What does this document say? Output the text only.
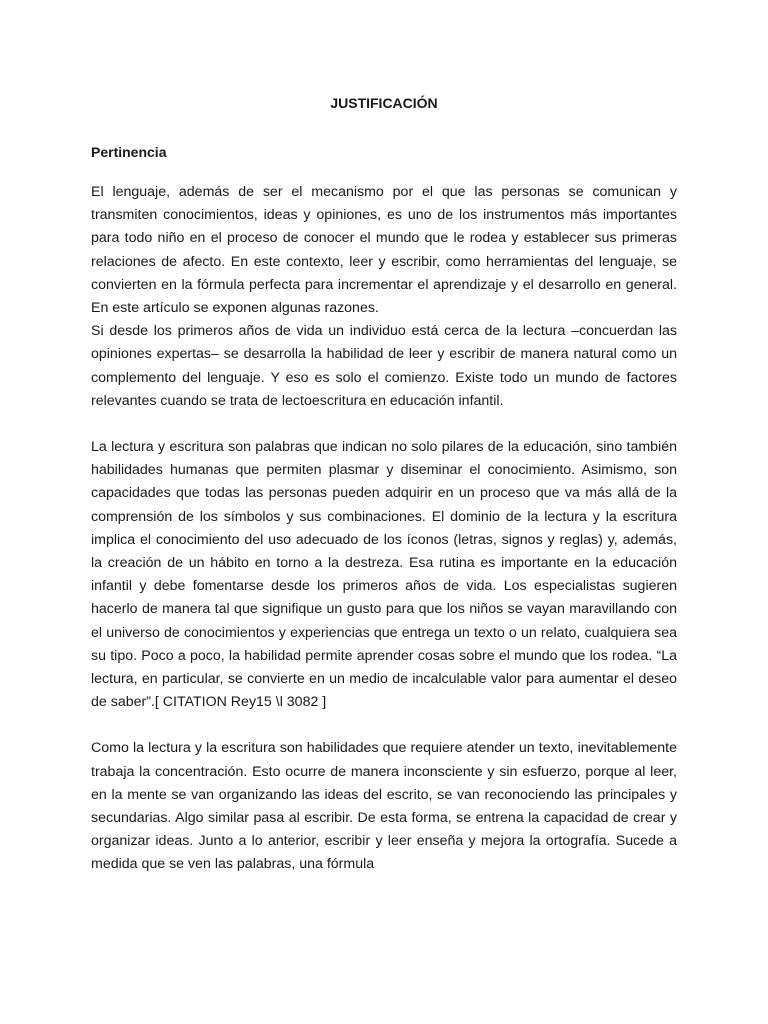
JUSTIFICACIÓN
Pertinencia

El lenguaje, además de ser el mecanismo por el que las personas se comunican y transmiten conocimientos, ideas y opiniones, es uno de los instrumentos más importantes para todo niño en el proceso de conocer el mundo que le rodea y establecer sus primeras relaciones de afecto. En este contexto, leer y escribir, como herramientas del lenguaje, se convierten en la fórmula perfecta para incrementar el aprendizaje y el desarrollo en general. En este artículo se exponen algunas razones.

Si desde los primeros años de vida un individuo está cerca de la lectura –concuerdan las opiniones expertas– se desarrolla la habilidad de leer y escribir de manera natural como un complemento del lenguaje. Y eso es solo el comienzo. Existe todo un mundo de factores relevantes cuando se trata de lectoescritura en educación infantil.

La lectura y escritura son palabras que indican no solo pilares de la educación, sino también habilidades humanas que permiten plasmar y diseminar el conocimiento. Asimismo, son capacidades que todas las personas pueden adquirir en un proceso que va más allá de la comprensión de los símbolos y sus combinaciones. El dominio de la lectura y la escritura implica el conocimiento del uso adecuado de los íconos (letras, signos y reglas) y, además, la creación de un hábito en torno a la destreza. Esa rutina es importante en la educación infantil y debe fomentarse desde los primeros años de vida. Los especialistas sugieren hacerlo de manera tal que signifique un gusto para que los niños se vayan maravillando con el universo de conocimientos y experiencias que entrega un texto o un relato, cualquiera sea su tipo. Poco a poco, la habilidad permite aprender cosas sobre el mundo que los rodea. “La lectura, en particular, se convierte en un medio de incalculable valor para aumentar el deseo de saber”.[ CITATION Rey15 \l 3082 ]

Como la lectura y la escritura son habilidades que requiere atender un texto, inevitablemente trabaja la concentración. Esto ocurre de manera inconsciente y sin esfuerzo, porque al leer, en la mente se van organizando las ideas del escrito, se van reconociendo las principales y secundarias. Algo similar pasa al escribir. De esta forma, se entrena la capacidad de crear y organizar ideas. Junto a lo anterior, escribir y leer enseña y mejora la ortografía. Sucede a medida que se ven las palabras, una fórmula
